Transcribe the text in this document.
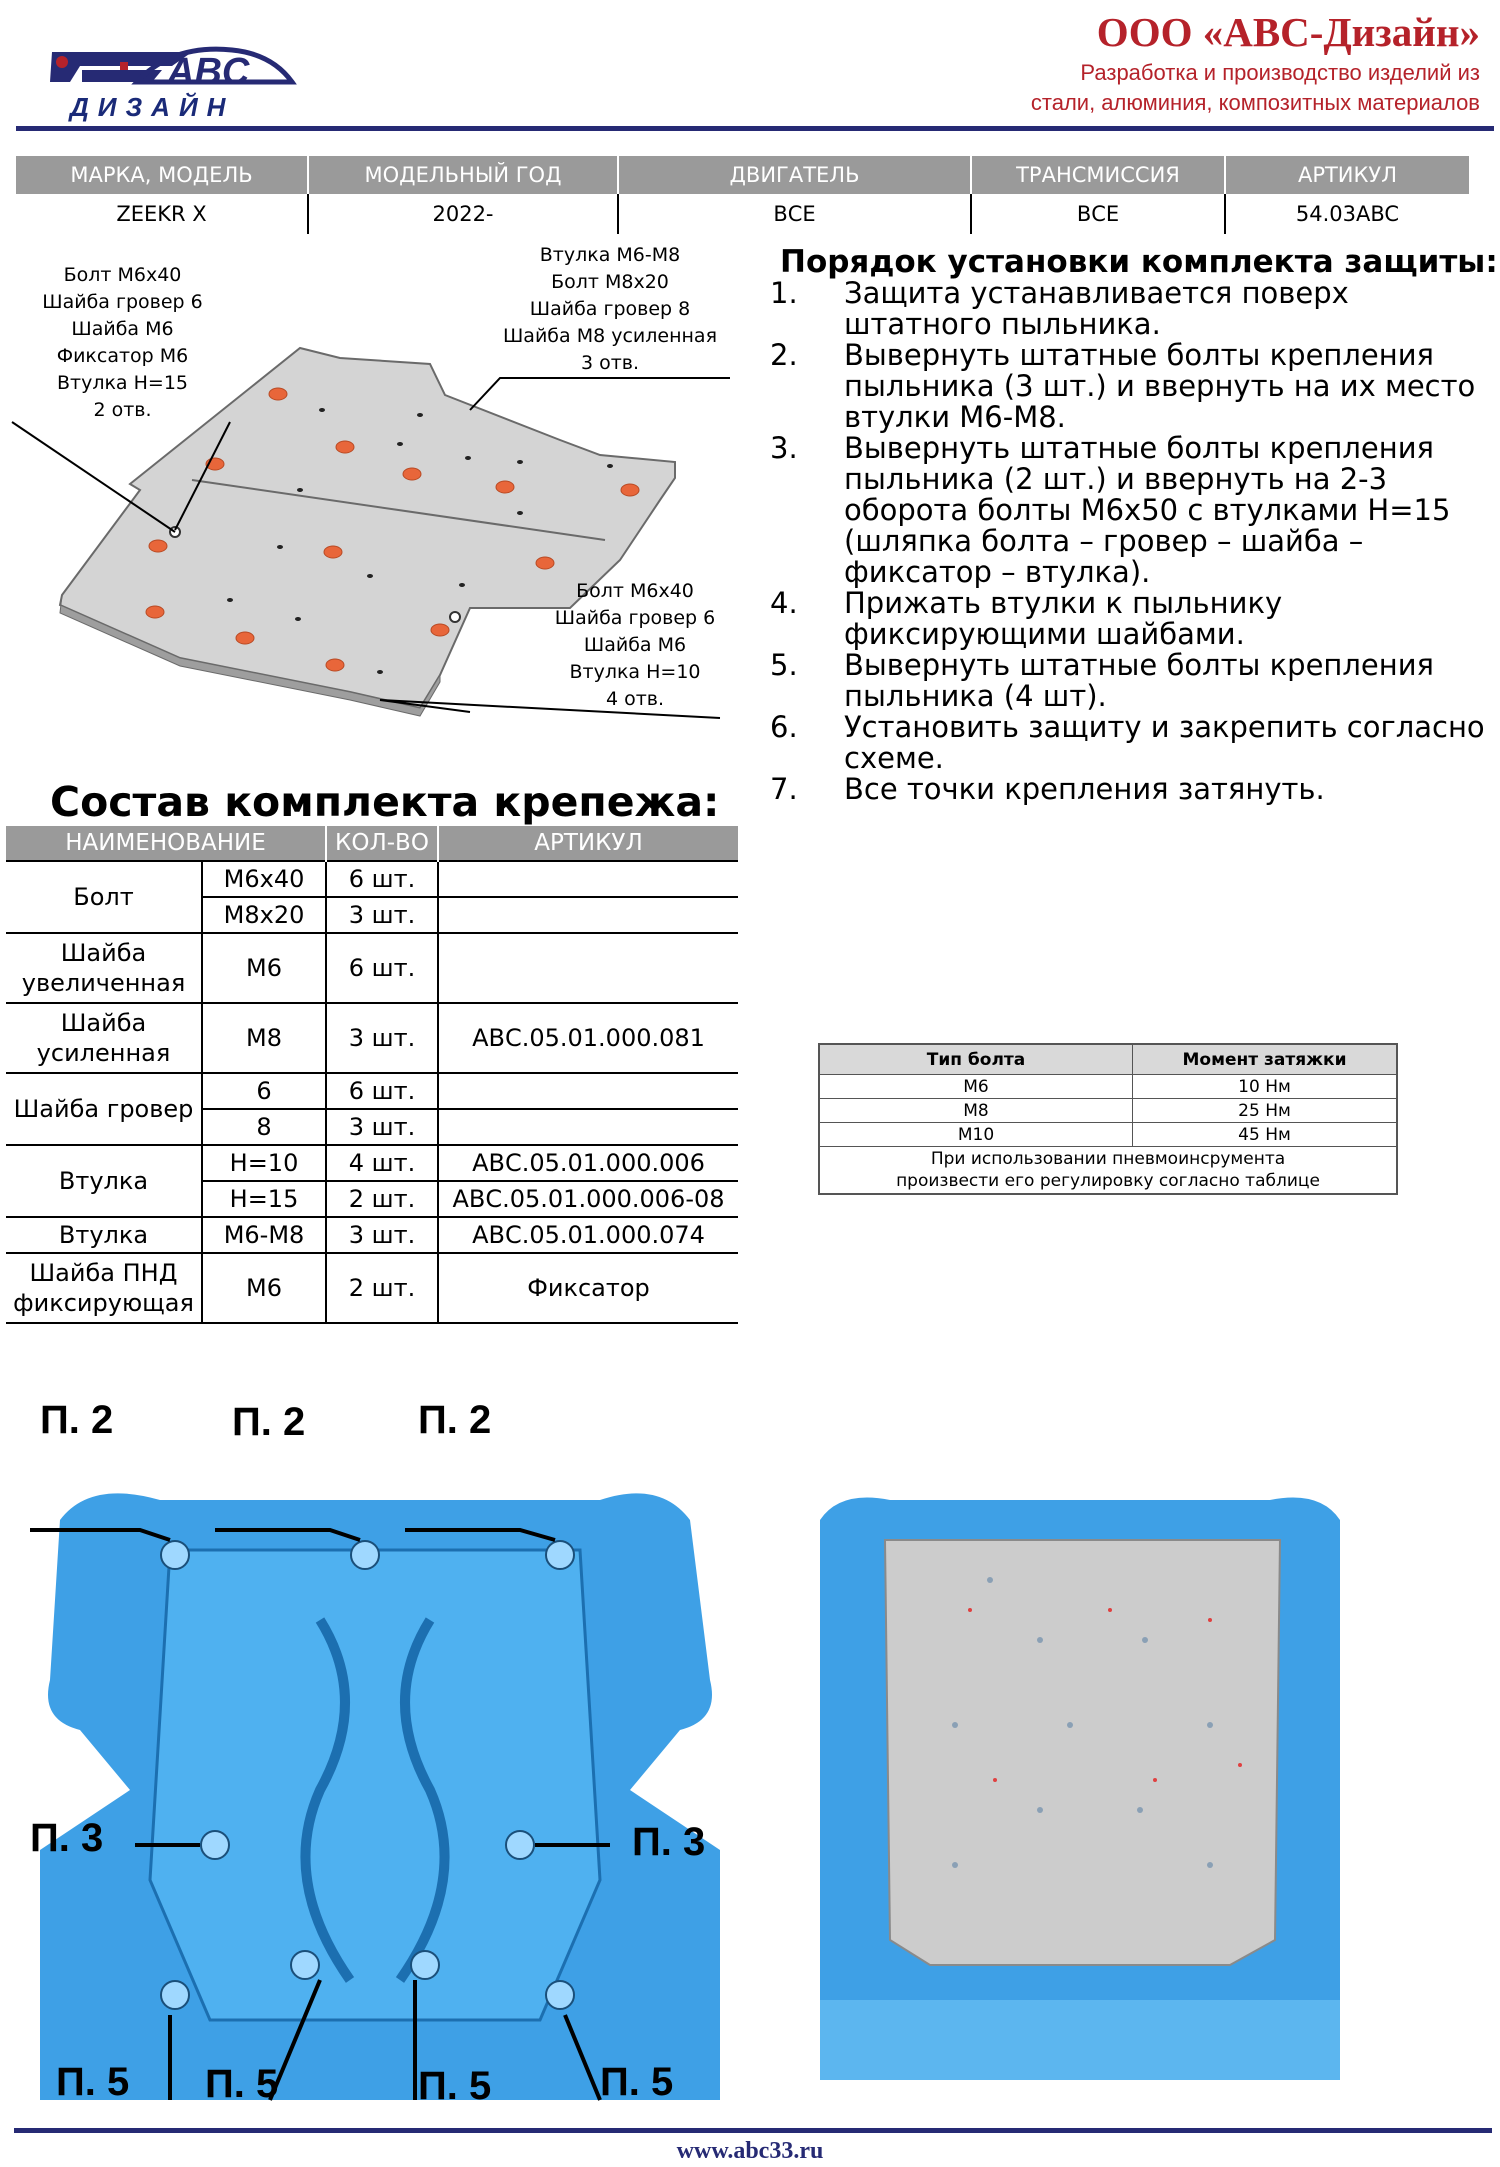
ABC
ДИЗАЙН
ООО «АВС-Дизайн»
Разработка и производство изделий из
стали, алюминия, композитных материалов
МАРКА, МОДЕЛЬ	МОДЕЛЬНЫЙ ГОД	ДВИГАТЕЛЬ	ТРАНСМИССИЯ	АРТИКУЛ
ZEEKR X	2022-	ВСЕ	ВСЕ	54.03ABC
Болт М6х40
Шайба гровер 6
Шайба М6
Фиксатор М6
Втулка Н=15
2 отв.
Втулка М6-М8
Болт М8х20
Шайба гровер 8
Шайба М8 усиленная
3 отв.
Болт М6х40
Шайба гровер 6
Шайба М6
Втулка Н=10
4 отв.
Порядок установки комплекта защиты:
1. Защита устанавливается поверх штатного пыльника.
2. Вывернуть штатные болты крепления пыльника (3 шт.) и ввернуть на их место втулки М6-М8.
3. Вывернуть штатные болты крепления пыльника (2 шт.) и ввернуть на 2-3 оборота болты М6х50 с втулками Н=15 (шляпка болта – гровер – шайба – фиксатор – втулка).
4. Прижать втулки к пыльнику фиксирующими шайбами.
5. Вывернуть штатные болты крепления пыльника (4 шт).
6. Установить защиту и закрепить согласно схеме.
7. Все точки крепления затянуть.
Состав комплекта крепежа:
НАИМЕНОВАНИЕ		КОЛ-ВО	АРТИКУЛ
Болт	М6х40	6 шт.	
	М8х20	3 шт.	
Шайба увеличенная	М6	6 шт.	
Шайба усиленная	М8	3 шт.	АВС.05.01.000.081
Шайба гровер	6	6 шт.	
	8	3 шт.	
Втулка	Н=10	4 шт.	АВС.05.01.000.006
	Н=15	2 шт.	АВС.05.01.000.006-08
Втулка	М6-М8	3 шт.	АВС.05.01.000.074
Шайба ПНД фиксирующая	М6	2 шт.	Фиксатор
Тип болта	Момент затяжки
M6	10 Нм
M8	25 Нм
M10	45 Нм

При использовании пневмоинсрумента
произвести его регулировку согласно таблице	
П. 2	П. 2	П. 2
П. 3	П. 3
П. 5 П. 5	П. 5	П. 5
www.abc33.ru
